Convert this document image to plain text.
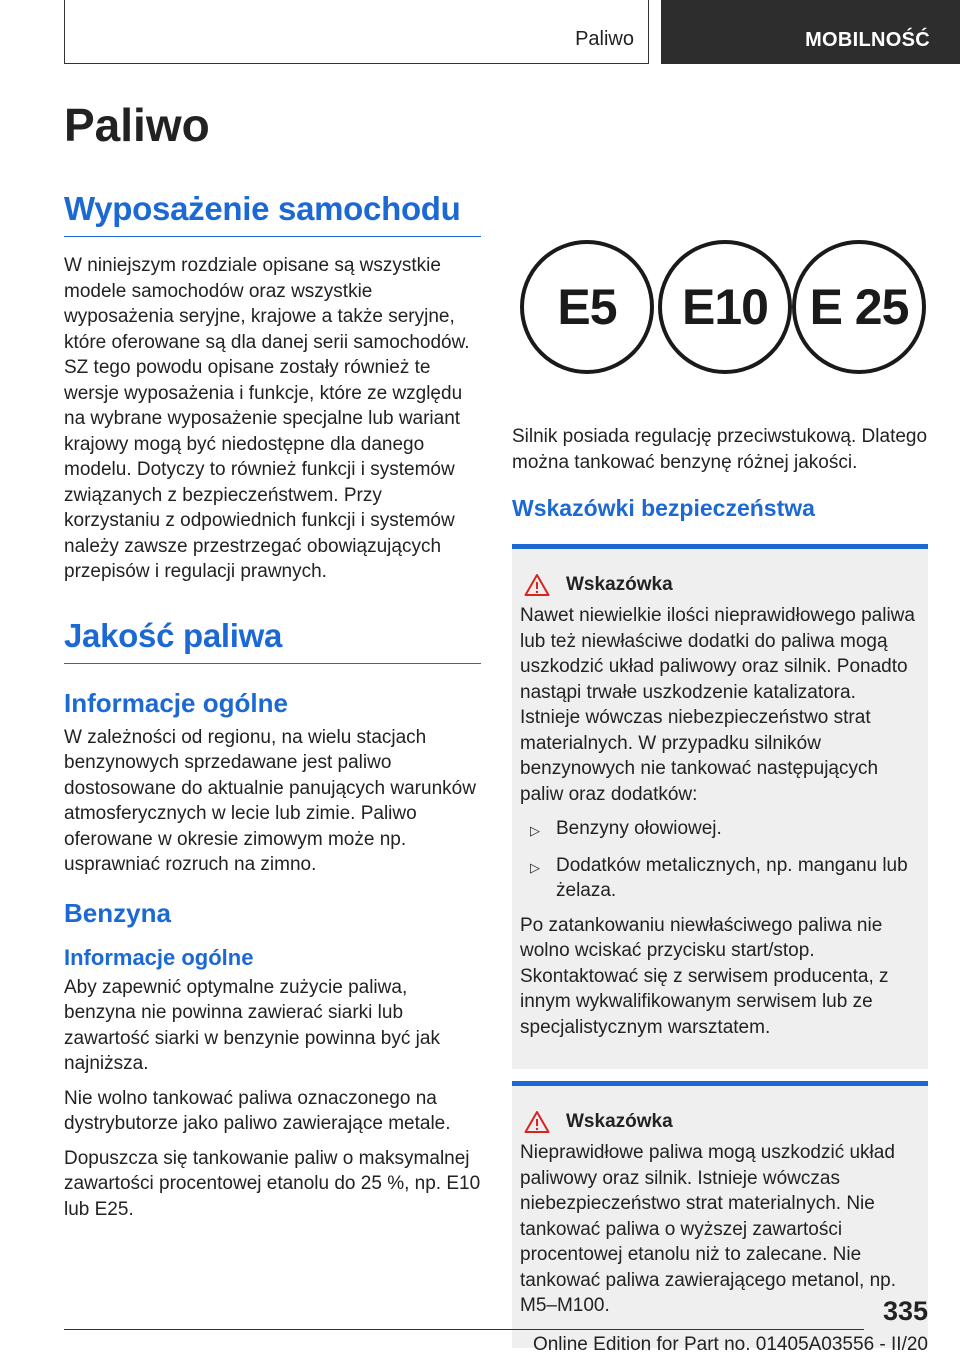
Paliwo	MOBILNOŚĆ
Paliwo
Wyposażenie samochodu

W niniejszym rozdziale opisane są wszystkie modele samochodów oraz wszystkie wyposażenia seryjne, krajowe a także seryjne, które oferowane są dla danej serii samochodów. SZ tego powodu opisane zostały również te wersje wyposażenia i funkcje, które ze względu na wybrane wyposażenie specjalne lub wariant krajowy mogą być niedostępne dla danego modelu. Dotyczy to również funkcji i systemów związanych z bezpieczeństwem. Przy korzystaniu z odpowiednich funkcji i systemów należy zawsze przestrzegać obowiązujących przepisów i regulacji prawnych.

Jakość paliwa
Informacje ogólne

W zależności od regionu, na wielu stacjach benzynowych sprzedawane jest paliwo dostosowane do aktualnie panujących warunków atmosferycznych w lecie lub zimie. Paliwo oferowane w okresie zimowym może np. usprawniać rozruch na zimno.

Benzyna
Informacje ogólne

Aby zapewnić optymalne zużycie paliwa, benzyna nie powinna zawierać siarki lub zawartość siarki w benzynie powinna być jak najniższa.

Nie wolno tankować paliwa oznaczonego na dystrybutorze jako paliwo zawierające metale.

Dopuszcza się tankowanie paliw o maksymalnej zawartości procentowej etanolu do 25 %, np. E10 lub E25.

E5 E10 E 25

Silnik posiada regulację przeciwstukową. Dlatego można tankować benzynę różnej jakości.

Wskazówki bezpieczeństwa
Wskazówka

Nawet niewielkie ilości nieprawidłowego paliwa lub też niewłaściwe dodatki do paliwa mogą uszkodzić układ paliwowy oraz silnik. Ponadto nastąpi trwałe uszkodzenie katalizatora. Istnieje wówczas niebezpieczeństwo strat materialnych. W przypadku silników benzynowych nie tankować następujących paliw oraz dodatków:

▷ Benzyny ołowiowej.
▷ Dodatków metalicznych, np. manganu lub żelaza.

Po zatankowaniu niewłaściwego paliwa nie wolno wciskać przycisku start/stop. Skontaktować się z serwisem producenta, z innym wykwalifikowanym serwisem lub ze specjalistycznym warsztatem.

Wskazówka

Nieprawidłowe paliwa mogą uszkodzić układ paliwowy oraz silnik. Istnieje wówczas niebezpieczeństwo strat materialnych. Nie tankować paliwa o wyższej zawartości procentowej etanolu niż to zalecane. Nie tankować paliwa zawierającego metanol, np. M5–M100.	335
Online Edition for Part no. 01405A03556 - II/20
